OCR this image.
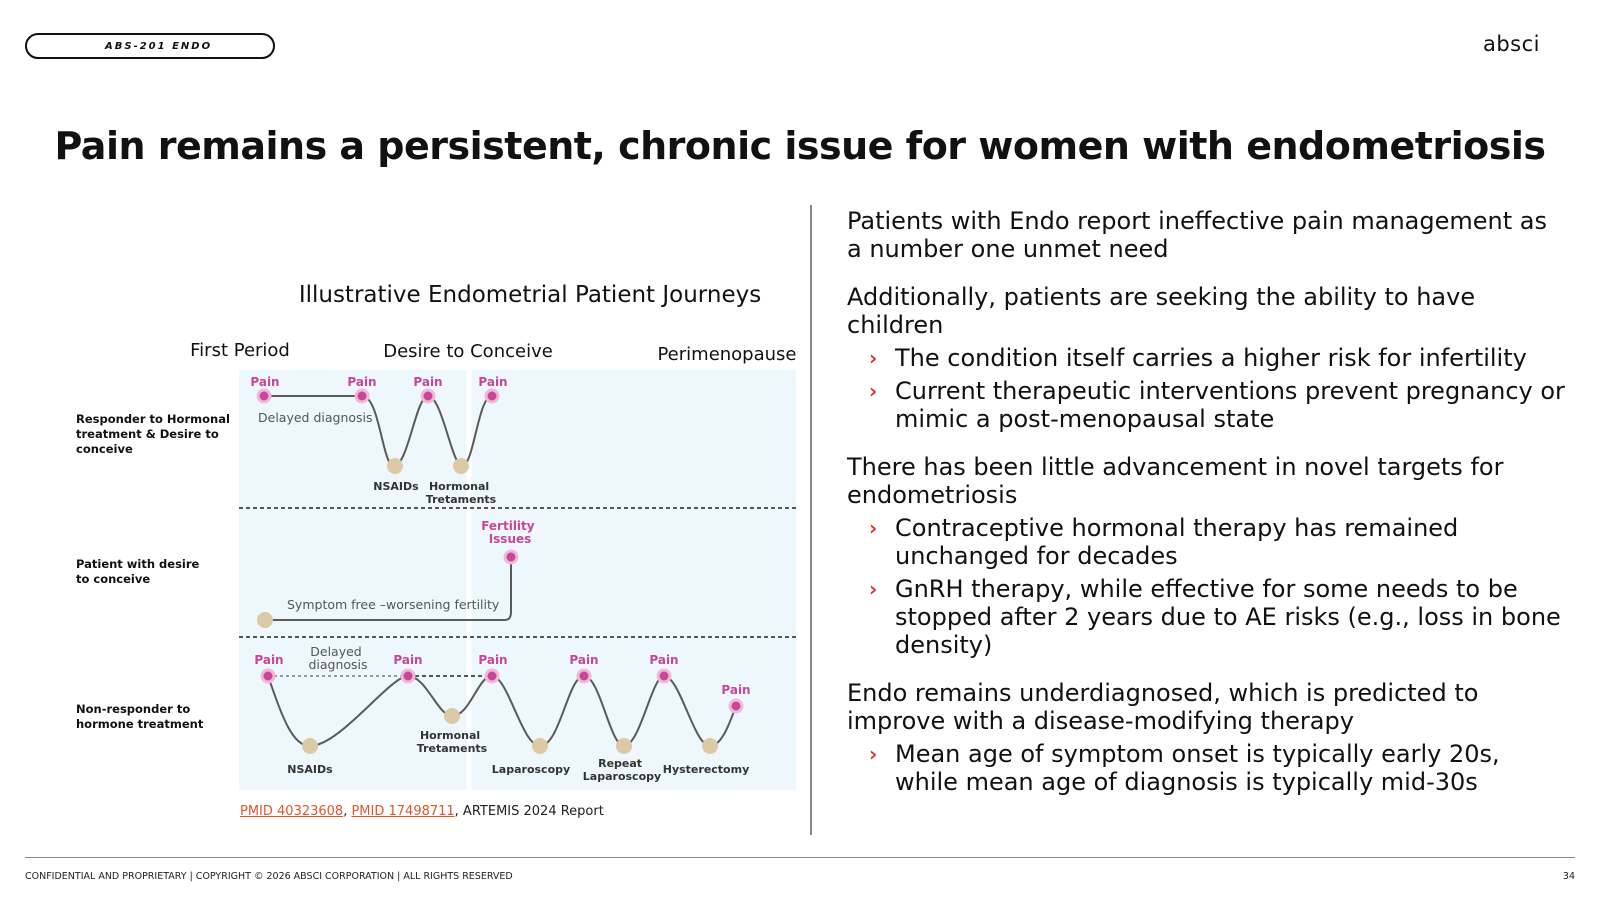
ABS-201 ENDO	absci
Pain remains a persistent, chronic issue for women with endometriosis
Illustrative Endometrial Patient Journeys
First Period	Desire to Conceive	Perimenopause
Responder to Hormonal treatment & Desire to conceive
Pain	Pain	Pain	Pain
Delayed diagnosis
NSAIDs Hormonal Tretaments
Patient with desire to conceive
Fertility Issues
Symptom free –worsening fertility
Non-responder to hormone treatment
Pain	Pain	Pain	Pain	Pain
Pain
Delayed diagnosis
NSAIDs
Hormonal Tretaments
Laparoscopy	Repeat Laparoscopy
Hysterectomy
PMID 40323608, PMID 17498711, ARTEMIS 2024 Report

Patients with Endo report ineffective pain management as a number one unmet need

Additionally, patients are seeking the ability to have children

› The condition itself carries a higher risk for infertility
› Current therapeutic interventions prevent pregnancy or mimic a post-menopausal state

There has been little advancement in novel targets for endometriosis

› Contraceptive hormonal therapy has remained unchanged for decades
› GnRH therapy, while effective for some needs to be stopped after 2 years due to AE risks (e.g., loss in bone density)

Endo remains underdiagnosed, which is predicted to improve with a disease-modifying therapy

› Mean age of symptom onset is typically early 20s, while mean age of diagnosis is typically mid-30s
CONFIDENTIAL AND PROPRIETARY | COPYRIGHT © 2026 ABSCI CORPORATION | ALL RIGHTS RESERVED	34
